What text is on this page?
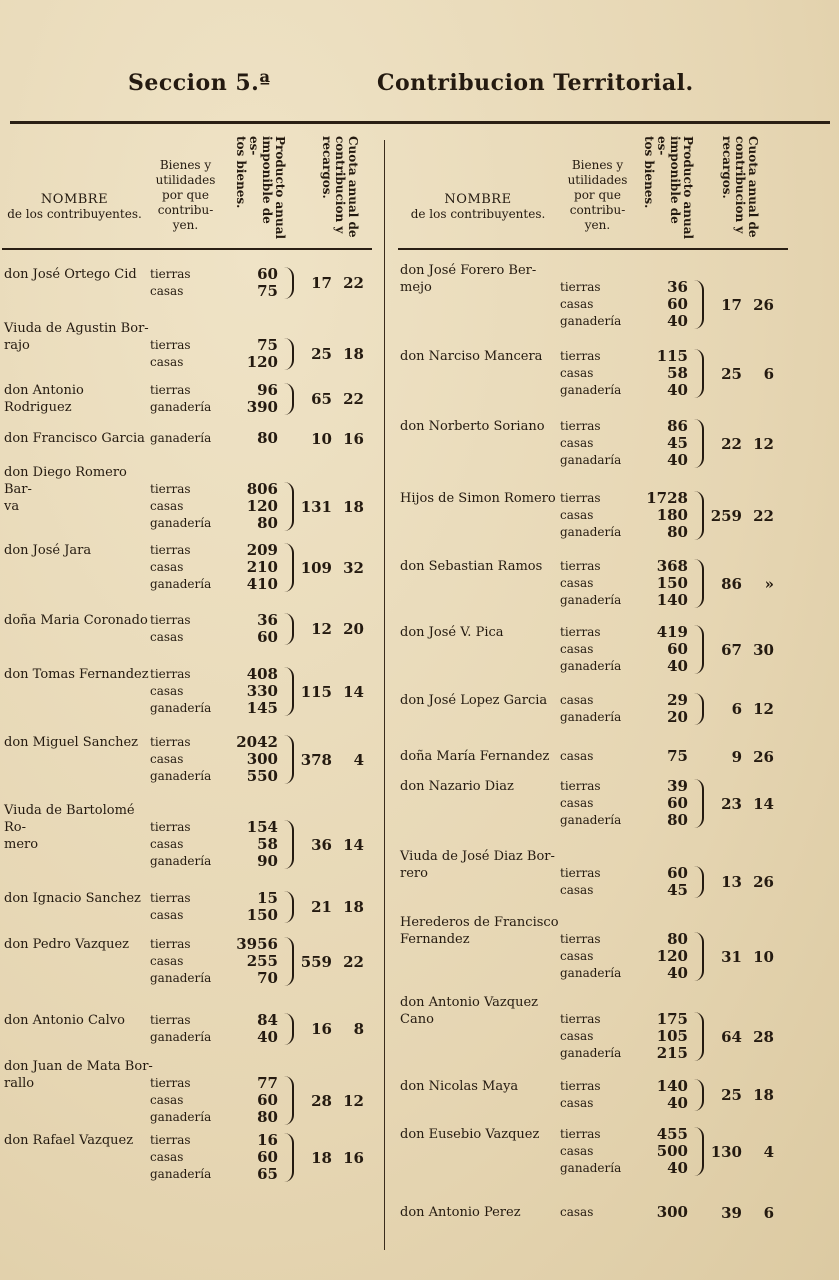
Seccion 5.ª	Contribucion Territorial.
NOMBRE
de los contribuyentes.
Bienes y
utilidades
por que
contribu-
yen.
Producto anual
imponible de es-
tos bienes.
Cuota anual de
contribucion y
recargos.
don José Ortego Cid	tierras	60
casas	75	17 22
Viuda de Agustin Bor-
rajo	tierras	75
casas	120	25 18
don Antonio Rodriguez
tierras	96
ganadería	390	65 22
don Francisco Garcia ganadería	80	10 16
don Diego Romero Bar-
va
tierras	806
casas	120
ganadería	80
131 18
don José Jara	tierras	209
casas	210
ganadería	410
109 32
doña Maria Coronado tierras	36
casas	60	12 20
don Tomas Fernandez tierras	408
casas	330
ganadería	145
115 14
don Miguel Sanchez tierras	2042
casas	300
ganadería	550
378	4
Viuda de Bartolomé Ro-
mero
tierras	154
casas	58
ganadería	90
36 14
don Ignacio Sanchez tierras	15
casas	150	21 18
don Pedro Vazquez	tierras	3956
casas	255
ganadería	70
559 22
don Antonio Calvo	tierras	84
ganadería	40	16	8
don Juan de Mata Bor-
rallo	tierras	77
casas	60
ganadería	80
28 12
don Rafael Vazquez	tierras	16
casas	60
ganadería	65
18 16
NOMBRE
de los contribuyentes.
Bienes y
utilidades
por que
contribu-
yen.
Producto anual
imponible de es-
tos bienes.
Cuota anual de
contribucion y
recargos.
don José Forero Ber-
mejo	tierras	36
casas	60
ganadería	40
17 26
don Narciso Mancera	tierras	115
casas	58
ganadería	40
25	6
don Norberto Soriano	tierras	86
casas	45
ganadaría	40
22 12
Hijos de Simon Romero tierras	1728
casas	180
ganadería	80
259 22
don Sebastian Ramos	tierras	368
casas	150
ganadería	140
86	»
don José V. Pica	tierras	419
casas	60
ganadería	40
67 30
don José Lopez Garcia	casas	29
ganadería	20	6 12
doña María Fernandez casas	75	9 26
don Nazario Diaz	tierras	39
casas	60
ganadería	80
23 14
Viuda de José Diaz Bor-
rero	tierras	60
casas	45	13 26
Herederos de Francisco
Fernandez	tierras	80
casas	120
ganadería	40
31 10
don Antonio Vazquez
Cano	tierras	175
casas	105
ganadería	215
64 28
don Nicolas Maya	tierras	140
casas	40	25 18
don Eusebio Vazquez	tierras	455
casas	500
ganadería	40
130	4
don Antonio Perez	casas	300	39	6
